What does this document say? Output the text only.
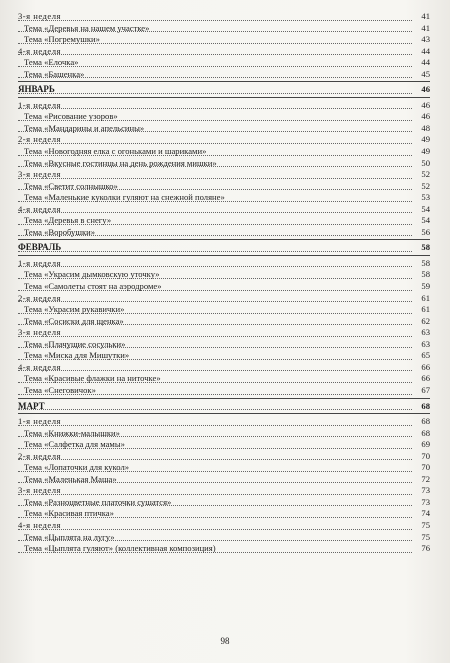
3-я неделя	41
Тема «Деревья на нашем участке»	41
Тема «Погремушки»	43
4-я неделя	44
Тема «Елочка»	44
Тема «Башенка»	45
ЯНВАРЬ	46
1-я неделя	46
Тема «Рисование узоров»	46
Тема «Мандарины и апельсины»	48
2-я неделя	49
Тема «Новогодняя елка с огоньками и шариками»	49
Тема «Вкусные гостинцы на день рождения мишки»	50
3-я неделя	52
Тема «Светит солнышко»	52
Тема «Маленькие куколки гуляют на снежной поляне»	53
4-я неделя	54
Тема «Деревья в снегу»	54
Тема «Воробушки»	56
ФЕВРАЛЬ	58
1-я неделя	58
Тема «Украсим дымковскую уточку»	58
Тема «Самолеты стоят на аэродроме»	59
2-я неделя	61
Тема «Украсим рукавички»	61
Тема «Сосиски для щенка»	62
3-я неделя	63
Тема «Плачущие сосульки»	63
Тема «Миска для Мишутки»	65
4-я неделя	66
Тема «Красивые флажки на ниточке»	66
Тема «Снеговичок»	67
МАРТ	68
1-я неделя	68
Тема «Книжки-малышки»	68
Тема «Салфетка для мамы»	69
2-я неделя	70
Тема «Лопаточки для кукол»	70
Тема «Маленькая Маша»	72
3-я неделя	73
Тема «Разноцветные платочки сушатся»	73
Тема «Красивая птичка»	74
4-я неделя	75
Тема «Цыплята на лугу»	75
Тема «Цыплята гуляют» (коллективная композиция)	76
98
